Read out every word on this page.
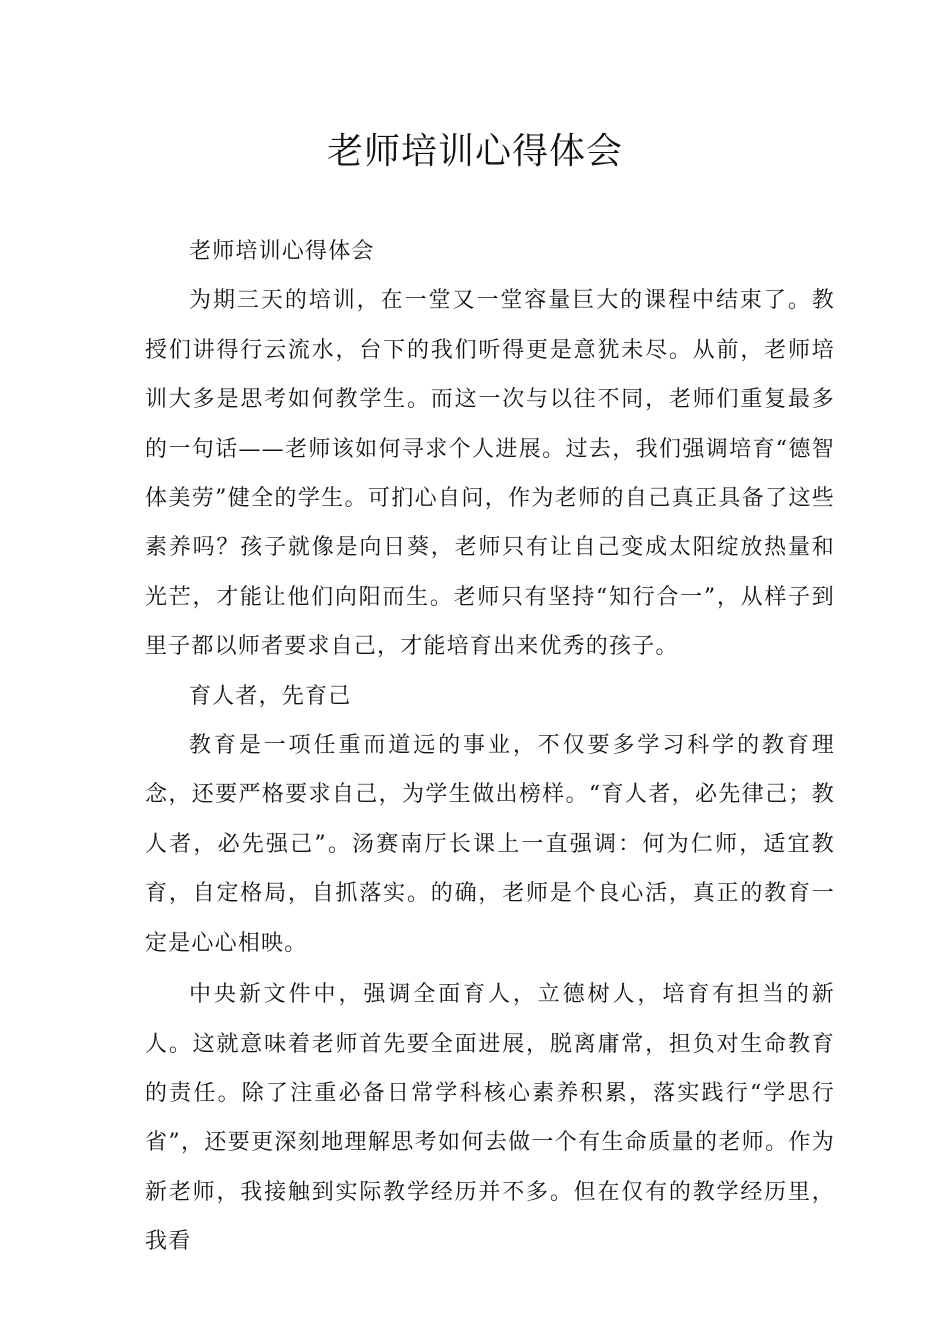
老师培训心得体会

老师培训心得体会

为期三天的培训，在一堂又一堂容量巨大的课程中结束了。教授们讲得行云流水，台下的我们听得更是意犹未尽。从前，老师培训大多是思考如何教学生。而这一次与以往不同，老师们重复最多的一句话——老师该如何寻求个人进展。过去，我们强调培育“德智体美劳”健全的学生。可扪心自问，作为老师的自己真正具备了这些素养吗？孩子就像是向日葵，老师只有让自己变成太阳绽放热量和光芒，才能让他们向阳而生。老师只有坚持“知行合一”，从样子到里子都以师者要求自己，才能培育出来优秀的孩子。

育人者，先育己

教育是一项任重而道远的事业，不仅要多学习科学的教育理念，还要严格要求自己，为学生做出榜样。“育人者，必先律己；教人者，必先强己”。汤赛南厅长课上一直强调：何为仁师，适宜教育，自定格局，自抓落实。的确，老师是个良心活，真正的教育一定是心心相映。

中央新文件中，强调全面育人，立德树人，培育有担当的新人。这就意味着老师首先要全面进展，脱离庸常，担负对生命教育的责任。除了注重必备日常学科核心素养积累，落实践行“学思行省”，还要更深刻地理解思考如何去做一个有生命质量的老师。作为新老师，我接触到实际教学经历并不多。但在仅有的教学经历里，我看
